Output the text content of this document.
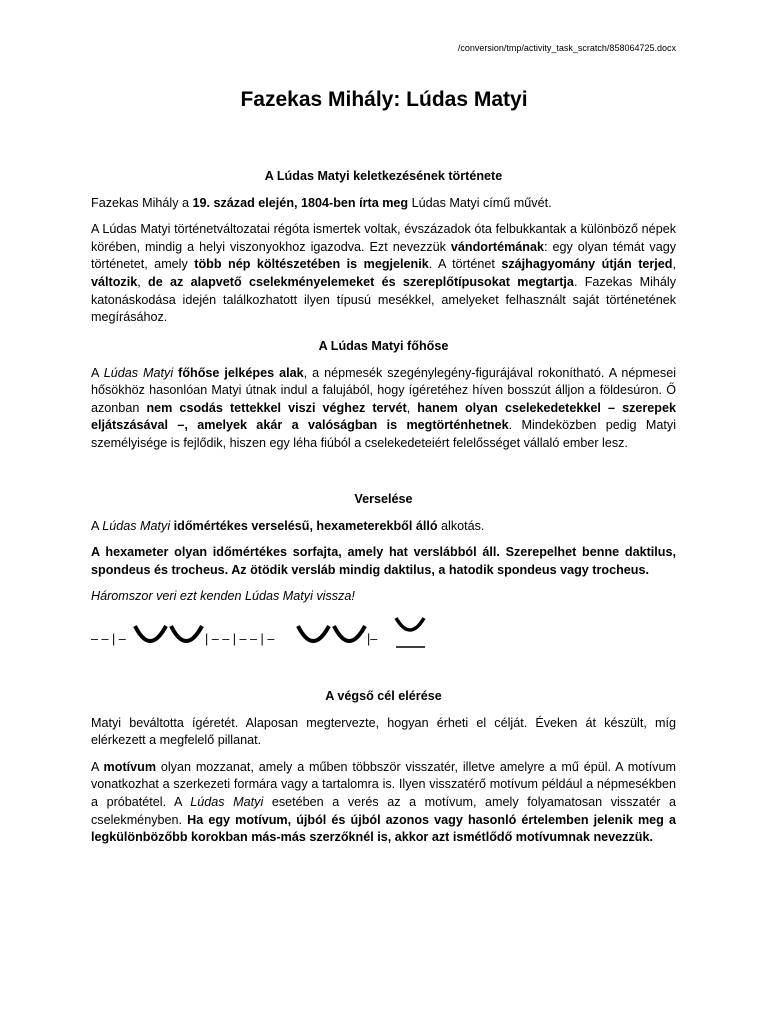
/conversion/tmp/activity_task_scratch/858064725.docx
Fazekas Mihály: Lúdas Matyi

A Lúdas Matyi keletkezésének története

Fazekas Mihály a 19. század elején, 1804-ben írta meg Lúdas Matyi című művét.

A Lúdas Matyi történetváltozatai régóta ismertek voltak, évszázadok óta felbukkantak a különböző népek körében, mindig a helyi viszonyokhoz igazodva. Ezt nevezzük vándortémának: egy olyan témát vagy történetet, amely több nép költészetében is megjelenik. A történet szájhagyomány útján terjed, változik, de az alapvető cselekményelemeket és szereplőtípusokat megtartja. Fazekas Mihály katonáskodása idején találkozhatott ilyen típusú mesékkel, amelyeket felhasznált saját történetének megírásához.

A Lúdas Matyi főhőse

A Lúdas Matyi főhőse jelképes alak, a népmesék szegénylegény-figurájával rokonítható. A népmesei hősökhöz hasonlóan Matyi útnak indul a falujából, hogy ígéretéhez híven bosszút álljon a földesúron. Ő azonban nem csodás tettekkel viszi véghez tervét, hanem olyan cselekedetekkel – szerepek eljátszásával –, amelyek akár a valóságban is megtörténhetnek. Mindeközben pedig Matyi személyisége is fejlődik, hiszen egy léha fiúból a cselekedeteiért felelősséget vállaló ember lesz.

Verselése

A Lúdas Matyi időmértékes verselésű, hexameterekből álló alkotás.

A hexameter olyan időmértékes sorfajta, amely hat verslábból áll. Szerepelhet benne daktilus, spondeus és trocheus. Az ötödik versláb mindig daktilus, a hatodik spondeus vagy trocheus.

Háromszor veri ezt kenden Lúdas Matyi vissza!

– – | –	| – – | – – | –	|–

A végső cél elérése

Matyi beváltotta ígéretét. Alaposan megtervezte, hogyan érheti el célját. Éveken át készült, míg elérkezett a megfelelő pillanat.

A motívum olyan mozzanat, amely a műben többször visszatér, illetve amelyre a mű épül. A motívum vonatkozhat a szerkezeti formára vagy a tartalomra is. Ilyen visszatérő motívum például a népmesékben a próbatétel. A Lúdas Matyi esetében a verés az a motívum, amely folyamatosan visszatér a cselekményben. Ha egy motívum, újból és újból azonos vagy hasonló értelemben jelenik meg a legkülönbözőbb korokban más-más szerzőknél is, akkor azt ismétlődő motívumnak nevezzük.
